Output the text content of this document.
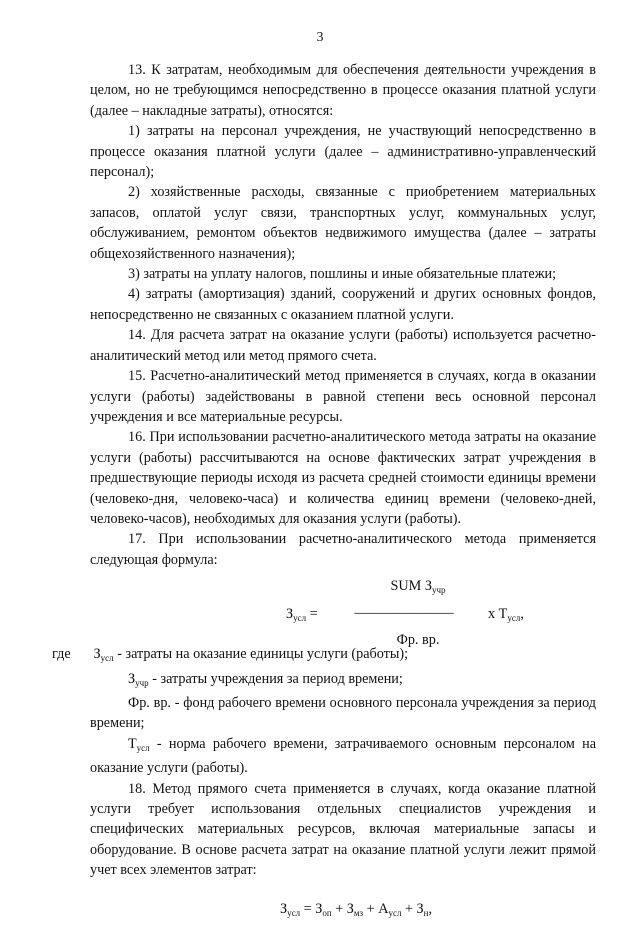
3

13. К затратам, необходимым для обеспечения деятельности учреждения в целом, но не требующимся непосредственно в процессе оказания платной услуги (далее – накладные затраты), относятся:

1) затраты на персонал учреждения, не участвующий непосредственно в процессе оказания платной услуги (далее – административно-управленческий персонал);

2) хозяйственные расходы, связанные с приобретением материальных запасов, оплатой услуг связи, транспортных услуг, коммунальных услуг, обслуживанием, ремонтом объектов недвижимого имущества (далее – затраты общехозяйственного назначения);

3) затраты на уплату налогов, пошлины и иные обязательные платежи;

4) затраты (амортизация) зданий, сооружений и других основных фондов, непосредственно не связанных с оказанием платной услуги.

14. Для расчета затрат на оказание услуги (работы) используется расчетно-аналитический метод или метод прямого счета.

15. Расчетно-аналитический метод применяется в случаях, когда в оказании услуги (работы) задействованы в равной степени весь основной персонал учреждения и все материальные ресурсы.

16. При использовании расчетно-аналитического метода затраты на оказание услуги (работы) рассчитываются на основе фактических затрат учреждения в предшествующие периоды исходя из расчета средней стоимости единицы времени (человеко-дня, человеко-часа) и количества единиц времени (человеко-дней, человеко-часов), необходимых для оказания услуги (работы).

17. При использовании расчетно-аналитического метода применяется следующая формула:

$З_{усл}$ =
SUM $З_{учр}$
―――――――
Фр. вр.
х $Т_{усл}$,

где $З_{усл}$ - затраты на оказание единицы услуги (работы);

$З_{учр}$ - затраты учреждения за период времени;

Фр. вр. - фонд рабочего времени основного персонала учреждения за период времени;

$Т_{усл}$ - норма рабочего времени, затрачиваемого основным персоналом на оказание услуги (работы).

18. Метод прямого счета применяется в случаях, когда оказание платной услуги требует использования отдельных специалистов учреждения и специфических материальных ресурсов, включая материальные запасы и оборудование. В основе расчета затрат на оказание платной услуги лежит прямой учет всех элементов затрат:

$З_{усл} = З_{оп} + З_{мз} + А_{усл} + З_н$,
